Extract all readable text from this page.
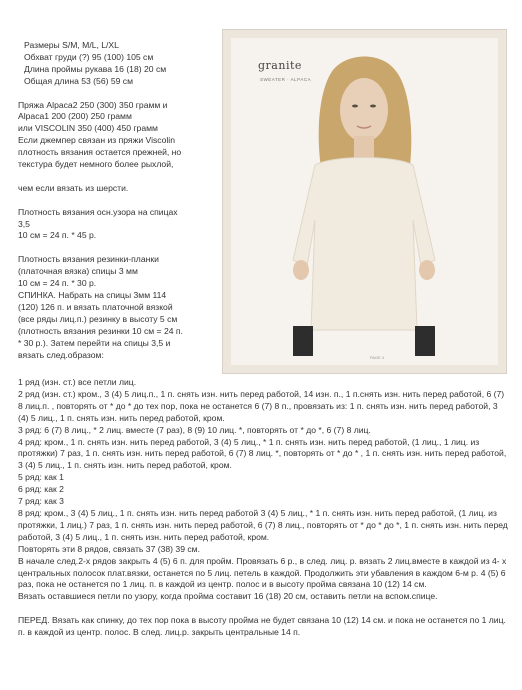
Размеры S/M, M/L, L/XL

Обхват груди (?) 95 (100) 105 см

Длина проймы рукава 16 (18) 20 см

Общая длина 53 (56) 59 см

Пряжа Alpaca2 250 (300) 350 грамм и

Alpaca1 200 (200) 250 грамм

или VISCOLIN 350 (400) 450 грамм

Если джемпер связан из пряжи Viscolin

плотность вязания остается прежней, но

текстура будет немного более рыхлой,

чем если вязать из шерсти.

Плотность вязания осн.узора на спицах

3,5

10 см = 24 п. * 45 р.

Плотность вязания резинки-планки

(платочная вязка) спицы 3 мм

10 см = 24 п. * 30 р.

СПИНКА. Набрать на спицы 3мм 114

(120) 126 п. и вязать платочной вязкой

(все ряды лиц.п.) резинку в высоту 5 см

(плотность вязания резинки 10 см = 24 п.

* 30 р.). Затем перейти на спицы 3,5 и

вязать след.образом:

granite
SWEATER · ALPACA
PAGE 4

1 ряд (изн. ст.) все петли лиц.

2 ряд (изн. ст.) кром., 3 (4) 5 лиц.п., 1 п. снять изн. нить перед работой, 14 изн. п., 1 п.снять изн. нить перед работой, 6 (7) 8 лиц.п. , повторять от * до * до тех пор, пока не останется 6 (7) 8 п., провязать из: 1 п. снять изн. нить перед работой, 3 (4) 5 лиц., 1 п. снять изн. нить перед работой, кром.

3 ряд: 6 (7) 8 лиц., * 2 лиц. вместе (7 раз), 8 (9) 10 лиц. *, повторять от * до *, 6 (7) 8 лиц.

4 ряд: кром., 1 п. снять изн. нить перед работой, 3 (4) 5 лиц., * 1 п. снять изн. нить перед работой, (1 лиц., 1 лиц. из протяжки) 7 раз, 1 п. снять изн. нить перед работой, 6 (7) 8 лиц. *, повторять от * до * , 1 п. снять изн. нить перед работой, 3 (4) 5 лиц., 1 п. снять изн. нить перед работой, кром.

5 ряд: как 1

6 ряд: как 2

7 ряд: как 3

8 ряд: кром., 3 (4) 5 лиц., 1 п. снять изн. нить перед работой 3 (4) 5 лиц., * 1 п. снять изн. нить перед работой, (1 лиц. из протяжки, 1 лиц.) 7 раз, 1 п. снять изн. нить перед работой, 6 (7) 8 лиц., повторять от * до * до *, 1 п. снять изн. нить перед работой, 3 (4) 5 лиц., 1 п. снять изн. нить перед работой, кром.

Повторять эти 8 рядов, связать 37 (38) 39 см.

В начале след.2-х рядов закрыть 4 (5) 6 п. для пройм. Провязать 6 р., в след. лиц. р. вязать 2 лиц.вместе в каждой из 4- х центральных полосок плат.вязки, останется по 5 лиц. петель в каждой. Продолжить эти убавления в каждом 6-м р. 4 (5) 6 раз, пока не останется по 1 лиц. п. в каждой из центр. полос и в высоту пройма связана 10 (12) 14 см.

Вязать оставшиеся петли по узору, когда пройма составит 16 (18) 20 см, оставить петли на вспом.спице.

ПЕРЕД. Вязать как спинку, до тех пор пока в высоту пройма не будет связана 10 (12) 14 см. и пока не останется по 1 лиц. п. в каждой из центр. полос. В след. лиц.р. закрыть центральные 14 п.
